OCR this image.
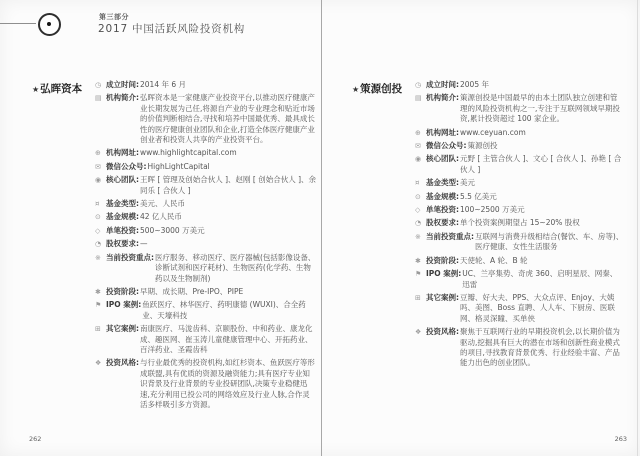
第三部分
2017 中国活跃风险投资机构
★弘晖资本	◷ 成立时间: 2014 年 6 月
▤ 机构简介: 弘晖资本是一家健康产业投资平台,以推动医疗健康产业长期发展为己任,将源自产业的专业理念和贴近市场的价值判断相结合,寻找和培养中国最优秀、最具成长性的医疗健康创业团队和企业,打造全体医疗健康产业创业者和投资人共享的产业投资平台。
⊕ 机构网址: www.highlightcapital.com
✉ 微信公众号: HighLightCapital
◉ 核心团队: 王晖 [ 管理及创始合伙人 ]、赵刚 [ 创始合伙人 ]、余同乐 [ 合伙人 ]
¤ 基金类型: 美元、人民币
⊙ 基金规模: 42 亿人民币
◇ 单笔投资: 500~3000 万美元
◔ 股权要求: —
※ 当前投资重点: 医疗服务、移动医疗、医疗器械(包括影像设备、诊断试剂和医疗耗材)、生物医药(化学药、生物药以及生物制剂)
✱ 投资阶段: 早期、成长期、Pre-IPO、PIPE
⚑ IPO 案例: 鱼跃医疗、林华医疗、药明康德 (WUXI)、合全药业、天壕科技
⊞ 其它案例: 南康医疗、马泷齿科、京颐股份、中和药业、康龙化成、趣医网、崔玉涛儿童健康管理中心、开拓药业、百洋药业、圣霞齿科
❖ 投资风格: 与行业最优秀的投资机构,如红杉资本、鱼跃医疗等形成联盟,具有优质的资源及融资能力;具有医疗专业知识背景及行业背景的专业投研团队,决策专业稳健迅速,充分利用已投公司的网络效应及行业人脉,合作灵活多样吸引多方资源。
★策源创投	◷ 成立时间: 2005 年
▤ 机构简介: 策源创投是中国最早的由本土团队独立创建和管理的风险投资机构之一,专注于互联网领域早期投资,累计投资超过 100 家企业。
⊕ 机构网址: www.ceyuan.com
✉ 微信公众号: 策源创投
◉ 核心团队: 元野 [ 主管合伙人 ]、文心 [ 合伙人 ]、孙艳 [ 合伙人 ]
¤ 基金类型: 美元
⊙ 基金规模: 5.5 亿美元
◇ 单笔投资: 100~2500 万美元
◔ 股权要求: 单个投资案例期望占 15~20% 股权
※ 当前投资重点: 互联网与消费升级相结合(餐饮、车、房等)、医疗健康、女性生活服务
✱ 投资阶段: 天使轮、A 轮、B 轮
⚑ IPO 案例: UC、兰亭集势、奇虎 360、启明星辰、网秦、迅雷
⊞ 其它案例: 豆瓣、好大夫、PPS、大众点评、Enjoy、大姨吗、美图、Boss 直聘、人人车、下厨房、医联网、格灵深瞳、买单侠
❖ 投资风格: 聚焦于互联网行业的早期投资机会,以长期价值为驱动,挖掘具有巨大的潜在市场和创新性商业模式的项目,寻找教育背景优秀、行业经验丰富、产品能力出色的创业团队。
262	263
